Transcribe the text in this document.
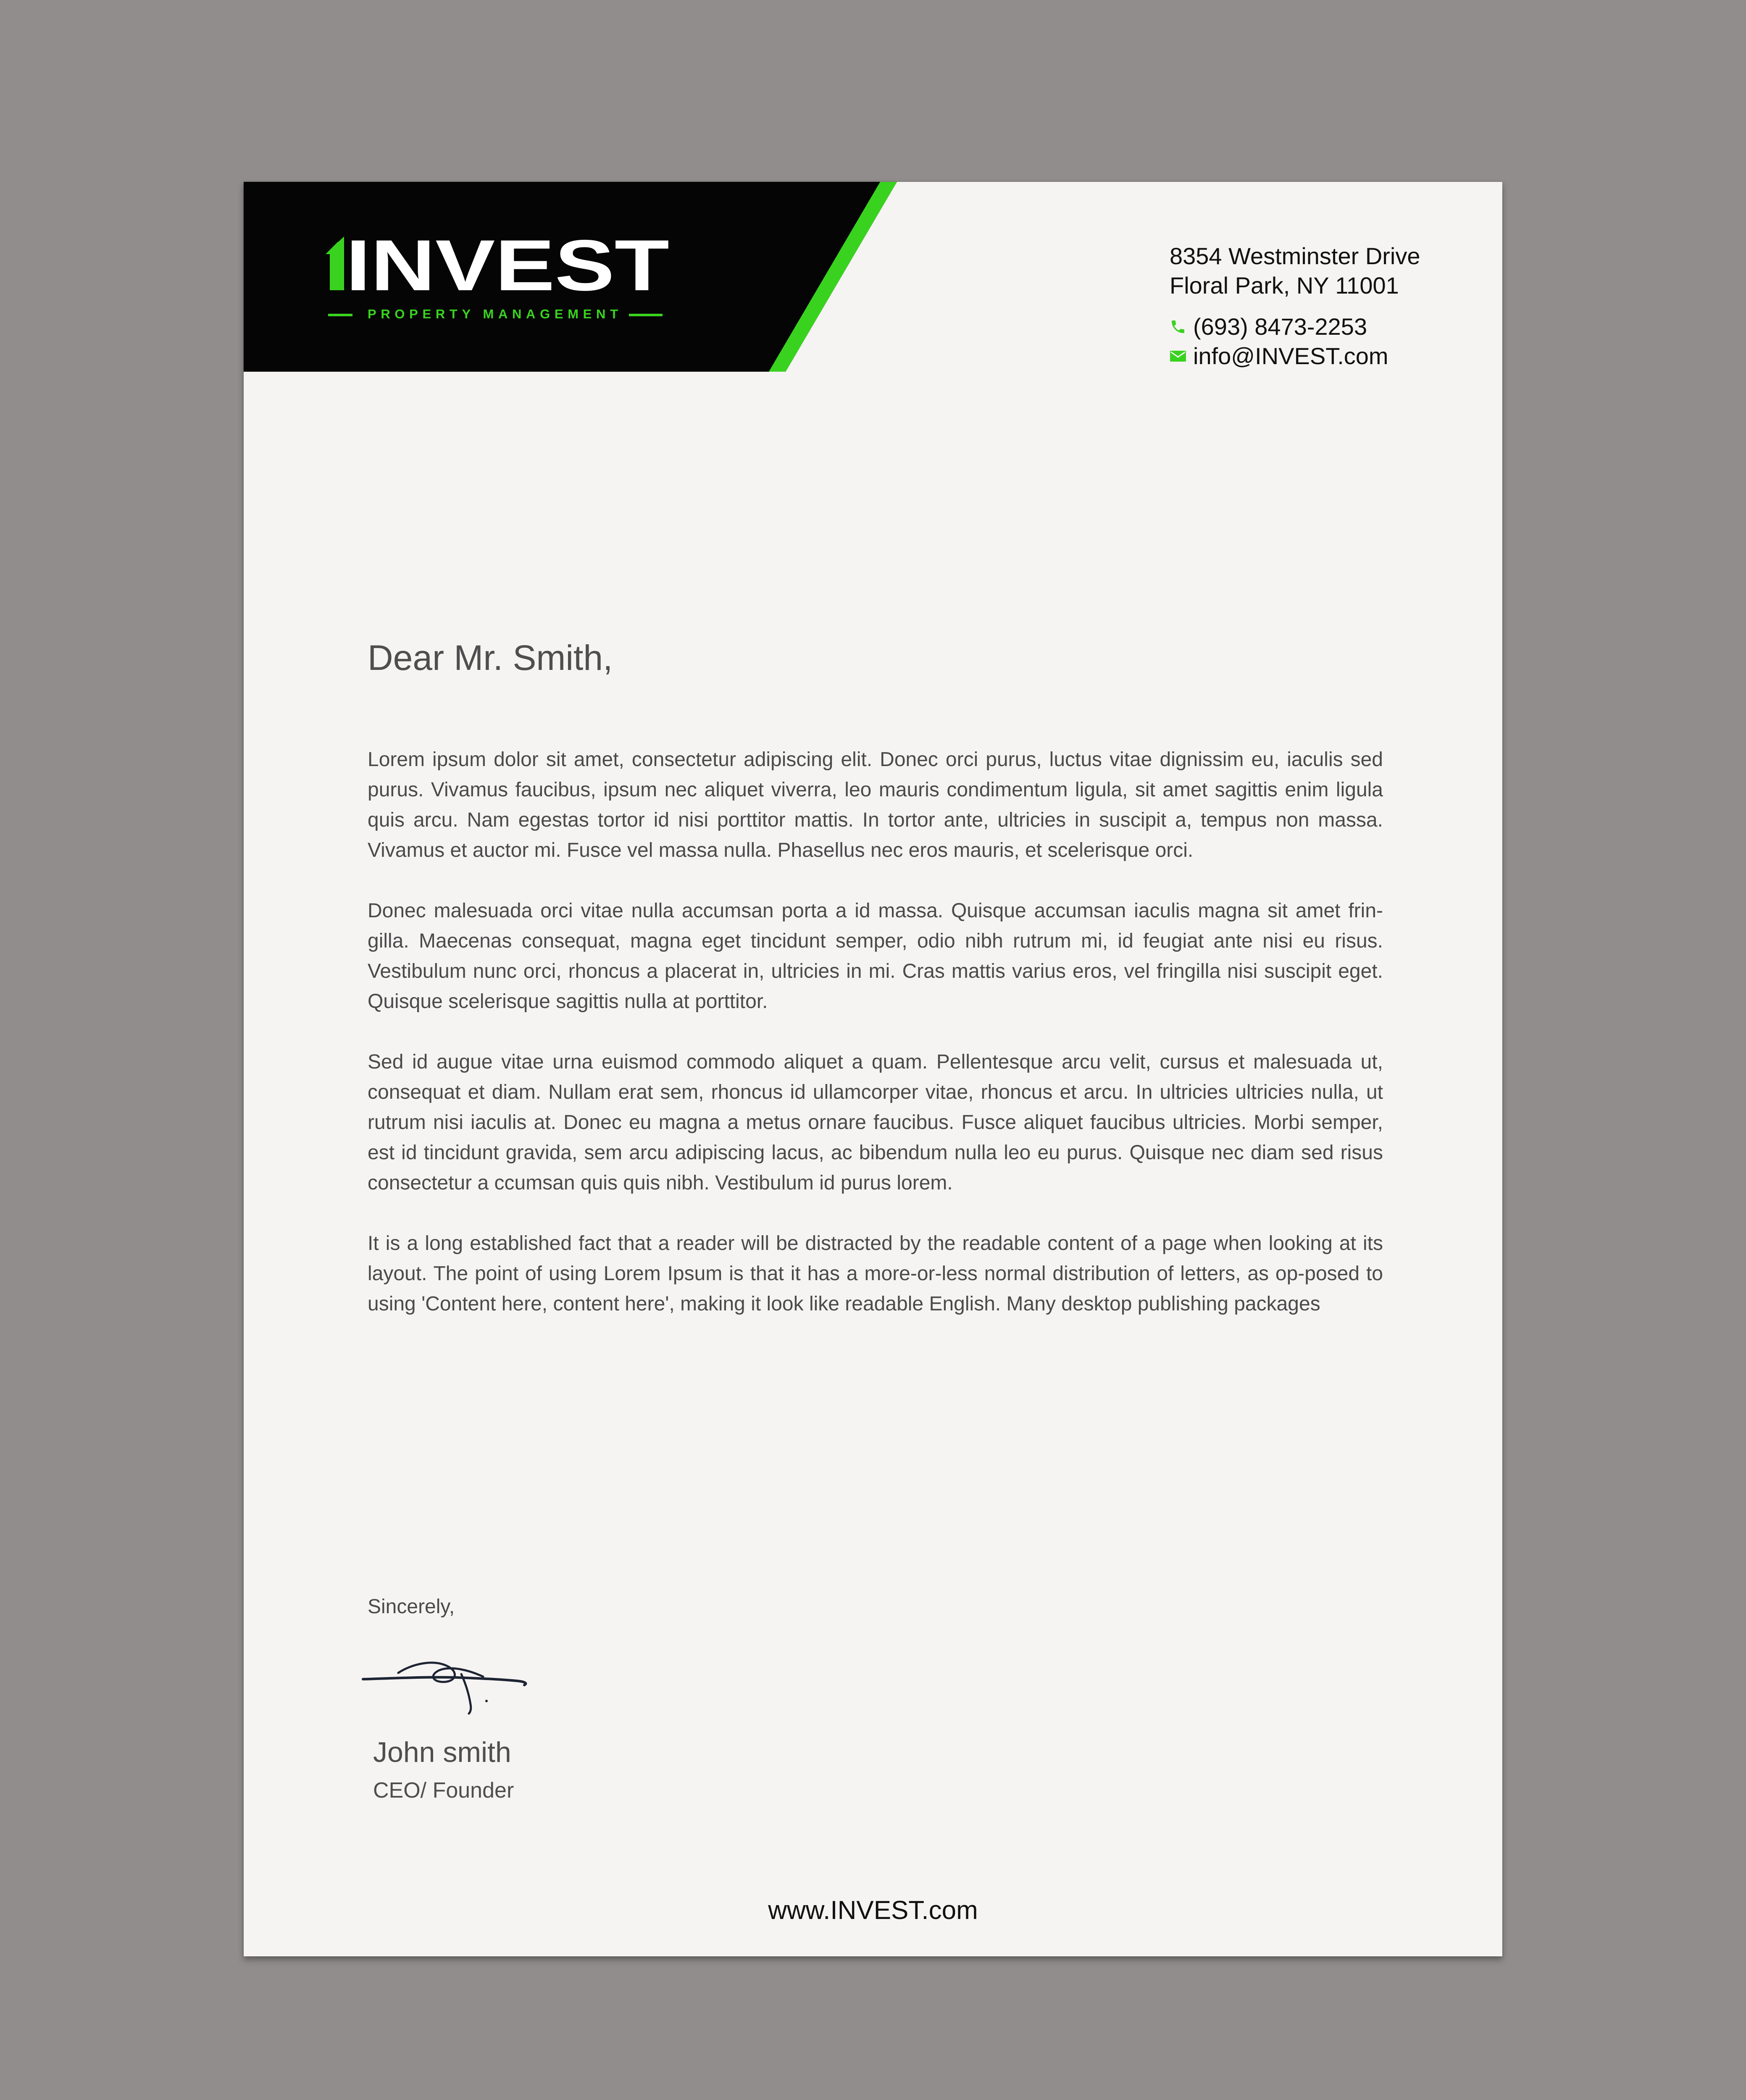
INVEST
PROPERTY MANAGEMENT

8354 Westminster Drive

Floral Park, NY 11001

(693) 8473-2253
info@INVEST.com
Dear Mr. Smith,

Lorem ipsum dolor sit amet, consectetur adipiscing elit. Donec orci purus, luctus vitae dignissim eu, iaculis sed purus. Vivamus faucibus, ipsum nec aliquet viverra, leo mauris condimentum ligula, sit amet sagittis enim ligula quis arcu. Nam egestas tortor id nisi porttitor mattis. In tortor ante, ultricies in suscipit a, tempus non massa. Vivamus et auctor mi. Fusce vel massa nulla. Phasellus nec eros mauris, et scelerisque orci.

Donec malesuada orci vitae nulla accumsan porta a id massa. Quisque accumsan iaculis magna sit amet frin-gilla. Maecenas consequat, magna eget tincidunt semper, odio nibh rutrum mi, id feugiat ante nisi eu risus. Vestibulum nunc orci, rhoncus a placerat in, ultricies in mi. Cras mattis varius eros, vel fringilla nisi suscipit eget. Quisque scelerisque sagittis nulla at porttitor.

Sed id augue vitae urna euismod commodo aliquet a quam. Pellentesque arcu velit, cursus et malesuada ut, consequat et diam. Nullam erat sem, rhoncus id ullamcorper vitae, rhoncus et arcu. In ultricies ultricies nulla, ut rutrum nisi iaculis at. Donec eu magna a metus ornare faucibus. Fusce aliquet faucibus ultricies. Morbi semper, est id tincidunt gravida, sem arcu adipiscing lacus, ac bibendum nulla leo eu purus. Quisque nec diam sed risus consectetur a ccumsan quis quis nibh. Vestibulum id purus lorem.

It is a long established fact that a reader will be distracted by the readable content of a page when looking at its layout. The point of using Lorem Ipsum is that it has a more-or-less normal distribution of letters, as op-posed to using 'Content here, content here', making it look like readable English. Many desktop publishing packages

Sincerely,
John smith
CEO/ Founder
www.INVEST.com
